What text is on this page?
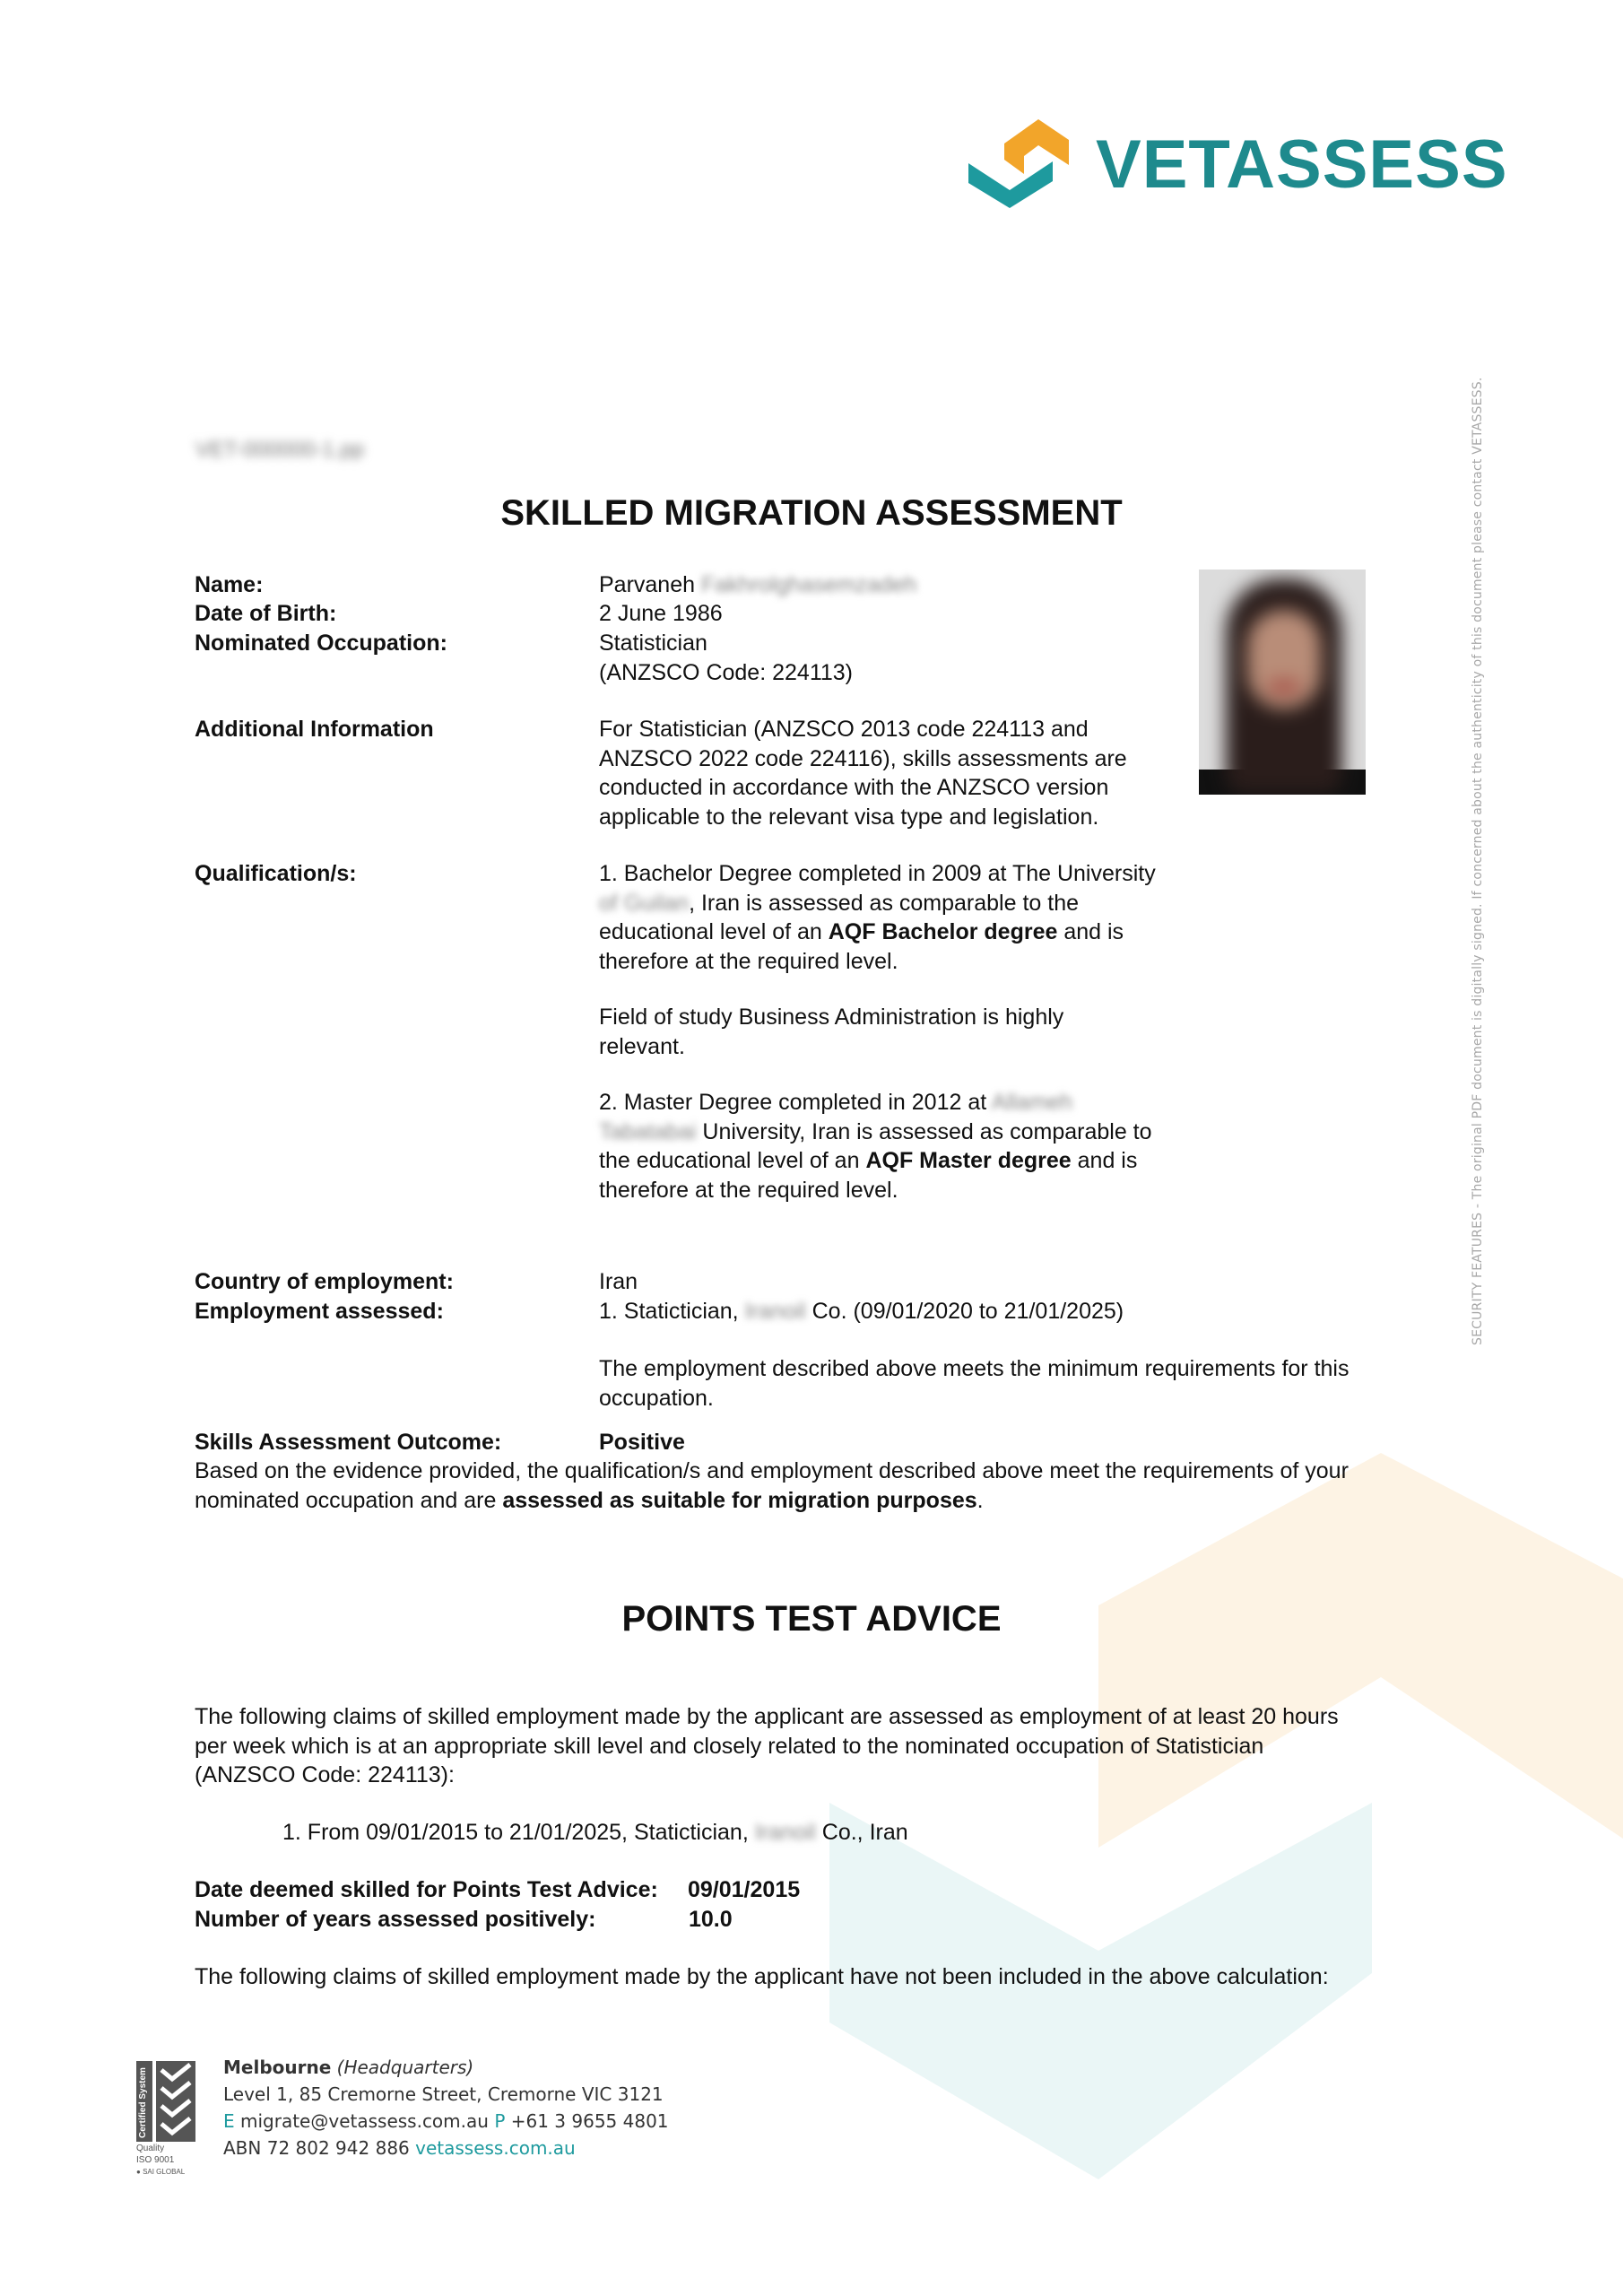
VETASSESS
VET-000000-1.pp
SKILLED MIGRATION ASSESSMENT
Name:	Parvaneh Fakhrolghasemzadeh
Date of Birth:	2 June 1986
Nominated Occupation:	Statistician
(ANZSCO Code: 224113)
Additional Information	For Statistician (ANZSCO 2013 code 224113 and
ANZSCO 2022 code 224116), skills assessments are
conducted in accordance with the ANZSCO version
applicable to the relevant visa type and legislation.
Qualification/s:	1. Bachelor Degree completed in 2009 at The University
of Guilan, Iran is assessed as comparable to the
educational level of an AQF Bachelor degree and is
therefore at the required level.
Field of study Business Administration is highly
relevant.
2. Master Degree completed in 2012 at Allameh
Tabatabai University, Iran is assessed as comparable to
the educational level of an AQF Master degree and is
therefore at the required level.
Country of employment:	Iran
Employment assessed:	1. Statictician, Iranoil Co. (09/01/2020 to 21/01/2025)
The employment described above meets the minimum requirements for this
occupation.
Skills Assessment Outcome:	Positive
Based on the evidence provided, the qualification/s and employment described above meet the requirements of your
nominated occupation and are assessed as suitable for migration purposes.
POINTS TEST ADVICE
The following claims of skilled employment made by the applicant are assessed as employment of at least 20 hours
per week which is at an appropriate skill level and closely related to the nominated occupation of Statistician
(ANZSCO Code: 224113):
1. From 09/01/2015 to 21/01/2025, Statictician, Iranoil Co., Iran
Date deemed skilled for Points Test Advice: 09/01/2015
Number of years assessed positively:	10.0
The following claims of skilled employment made by the applicant have not been included in the above calculation:
SECURITY FEATURES - The original PDF document is digitally signed. If concerned about the authenticity of this document please contact VETASSESS.
Certified System
Quality
ISO 9001
● SAI GLOBAL
Melbourne (Headquarters)
Level 1, 85 Cremorne Street, Cremorne VIC 3121
E migrate@vetassess.com.au P +61 3 9655 4801
ABN 72 802 942 886 vetassess.com.au
